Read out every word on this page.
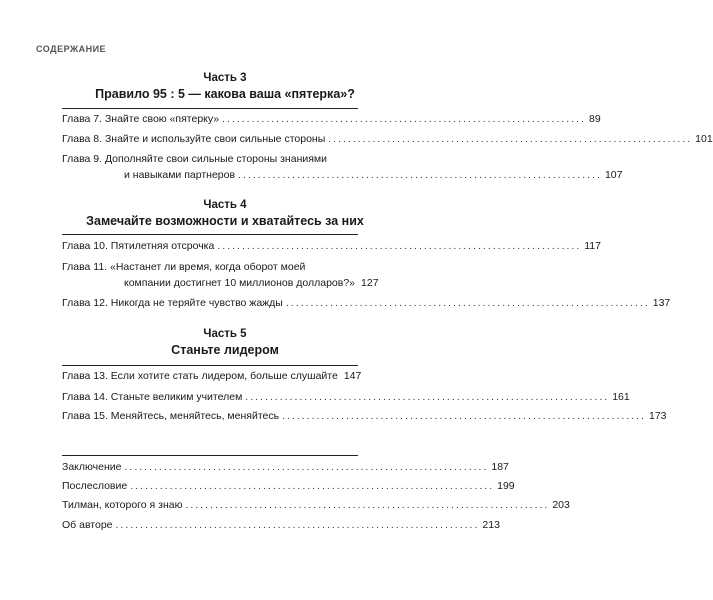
СОДЕРЖАНИЕ
Часть 3
Правило 95 : 5 — какова ваша «пятерка»?
Глава 7. Знайте свою «пятерку» .......................................................................... 89
Глава 8. Знайте и используйте свои сильные стороны .......................................................................... 101
Глава 9. Дополняйте свои сильные стороны знаниями
и навыками партнеров .......................................................................... 107
Часть 4
Замечайте возможности и хватайтесь за них
Глава 10. Пятилетняя отсрочка .......................................................................... 117
Глава 11. «Настанет ли время, когда оборот моей
компании достигнет 10 миллионов долларов?» 127
Глава 12. Никогда не теряйте чувство жажды .......................................................................... 137
Часть 5
Станьте лидером
Глава 13. Если хотите стать лидером, больше слушайте 147
Глава 14. Станьте великим учителем .......................................................................... 161
Глава 15. Меняйтесь, меняйтесь, меняйтесь .......................................................................... 173
Заключение .......................................................................... 187
Послесловие .......................................................................... 199
Тилман, которого я знаю .......................................................................... 203
Об авторе .......................................................................... 213
